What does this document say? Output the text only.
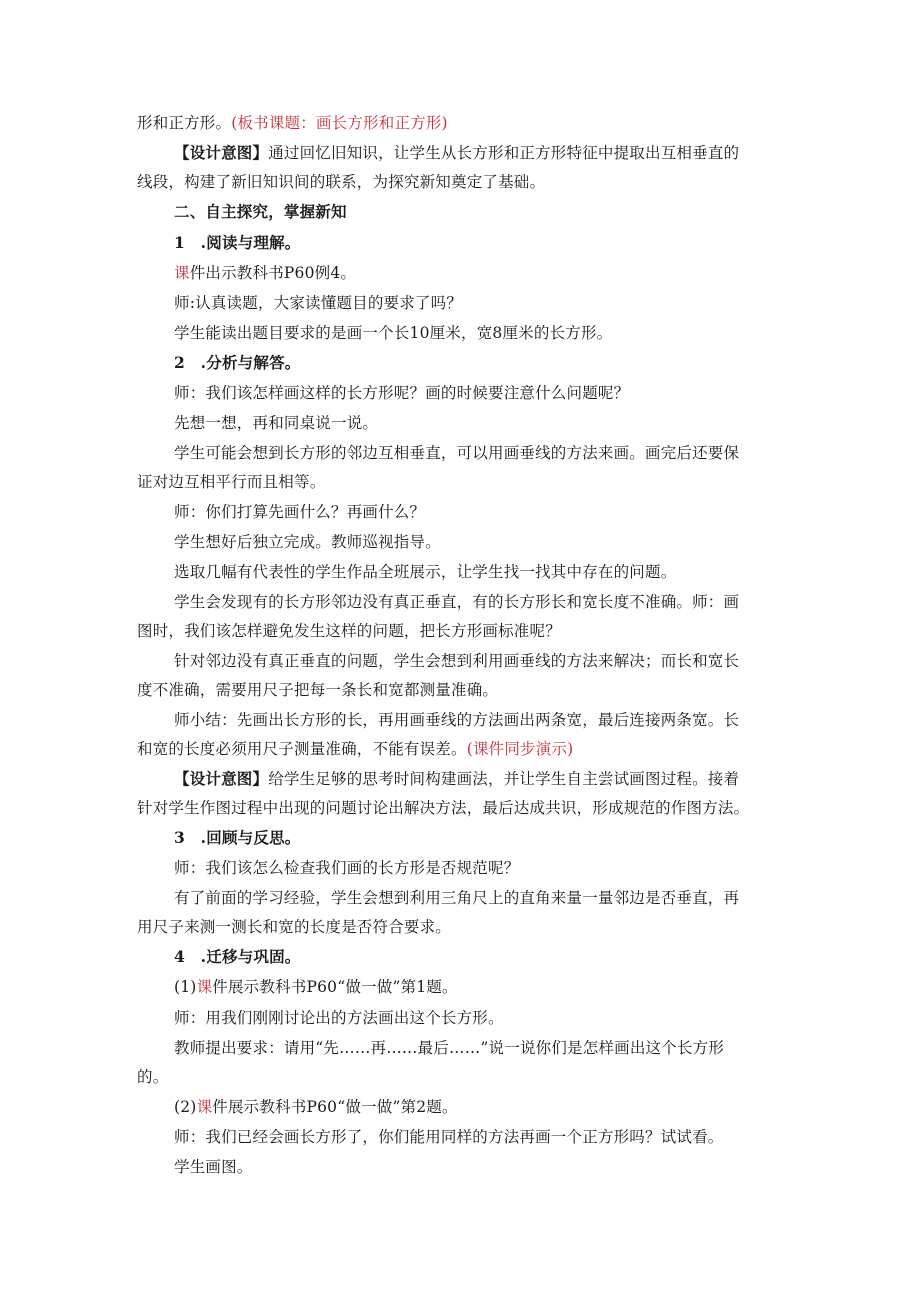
形和正方形。(板书课题：画长方形和正方形)
【设计意图】通过回忆旧知识，让学生从长方形和正方形特征中提取出互相垂直的
线段，构建了新旧知识间的联系，为探究新知奠定了基础。
二、自主探究，掌握新知
1　.阅读与理解。
课件出示教科书P60例4。
师:认真读题，大家读懂题目的要求了吗？
学生能读出题目要求的是画一个长10厘米，宽8厘米的长方形。
2　.分析与解答。
师：我们该怎样画这样的长方形呢？画的时候要注意什么问题呢？
先想一想，再和同桌说一说。
学生可能会想到长方形的邻边互相垂直，可以用画垂线的方法来画。画完后还要保
证对边互相平行而且相等。
师：你们打算先画什么？再画什么？
学生想好后独立完成。教师巡视指导。
选取几幅有代表性的学生作品全班展示，让学生找一找其中存在的问题。
学生会发现有的长方形邻边没有真正垂直，有的长方形长和宽长度不准确。师：画
图时，我们该怎样避免发生这样的问题，把长方形画标准呢？
针对邻边没有真正垂直的问题，学生会想到利用画垂线的方法来解决；而长和宽长
度不准确，需要用尺子把每一条长和宽都测量准确。
师小结：先画出长方形的长，再用画垂线的方法画出两条宽，最后连接两条宽。长
和宽的长度必须用尺子测量准确，不能有误差。(课件同步演示)
【设计意图】给学生足够的思考时间构建画法，并让学生自主尝试画图过程。接着
针对学生作图过程中出现的问题讨论出解决方法，最后达成共识，形成规范的作图方法。
3　.回顾与反思。
师：我们该怎么检查我们画的长方形是否规范呢？
有了前面的学习经验，学生会想到利用三角尺上的直角来量一量邻边是否垂直，再
用尺子来测一测长和宽的长度是否符合要求。
4　.迁移与巩固。
(1)课件展示教科书P60“做一做”第1题。
师：用我们刚刚讨论出的方法画出这个长方形。
教师提出要求：请用“先……再……最后……”说一说你们是怎样画出这个长方形
的。
(2)课件展示教科书P60“做一做”第2题。
师：我们已经会画长方形了，你们能用同样的方法再画一个正方形吗？试试看。
学生画图。
